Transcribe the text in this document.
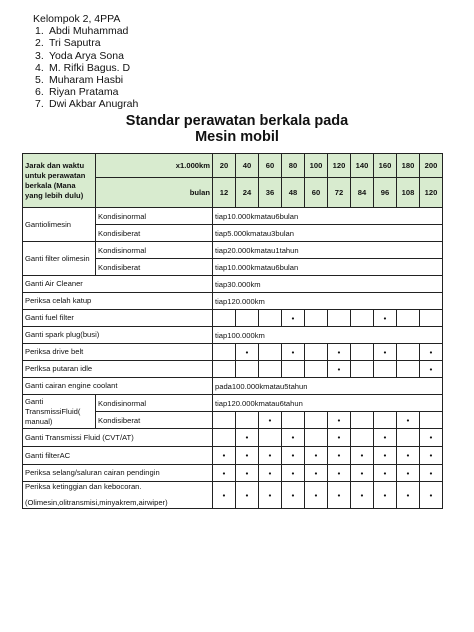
Kelompok 2, 4PPA
1. Abdi Muhammad
2. Tri Saputra
3. Yoda Arya Sona
4. M. Rifki Bagus. D
5. Muharam Hasbi
6. Riyan Pratama
7. Dwi Akbar Anugrah
Standar perawatan berkala pada
Mesin mobil
Jarak dan waktu untuk perawatan berkala (Mana yang lebih dulu)	x1.000km	20	40	60	80	100	120	140	160	180	200
	bulan	12	24	36	48	60	72	84	96	108	120
Gantiolimesin	Kondisinormal	tiap10.000kmatau6bulan									
	Kondisiberat	tiap5.000kmatau3bulan									
Ganti filter olimesin	Kondisinormal	tiap20.000kmatau1tahun									
	Kondisiberat	tiap10.000kmatau6bulan									

Ganti Air Cleaner		tiap30.000km									

Periksa celah katup		tiap120.000km									

Ganti fuel filter					•				•		

Ganti spark plug(busi)		tiap100.000km									

Periksa drive belt			•		•		•		•		•

Perlksa putaran idle							•				•

Ganti cairan engine coolant		pada100.000kmatau5tahun									
Ganti TransmissiFluid( manual)	Kondisinormal	tiap120.000kmatau6tahun									
	Kondisiberat			•			•			•	

Ganti Transmissi Fluid (CVT/AT)			•		•		•		•		•

Ganti filterAC		•	•	•	•	•	•	•	•	•	•

Periksa selang/saluran cairan pendingin		•	•	•	•	•	•	•	•	•	•

Periksa ketinggian dan kebocoran.
(Olimesin,olitransmisi,minyakrem,airwiper)		•	•	•	•	•	•	•	•	•	•
